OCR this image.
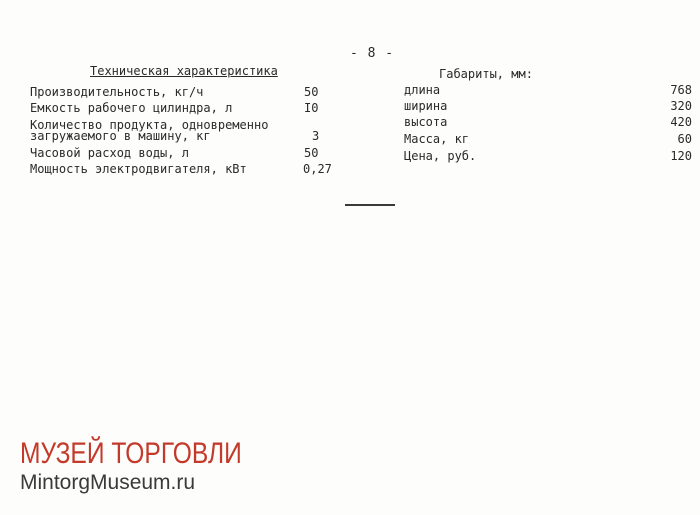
- 8 -
Техническая характеристика
Производительность, кг/ч	50
Емкость рабочего цилиндра, л	I0
Количество продукта, одновременно
загружаемого в машину, кг	3
Часовой расход воды, л	50
Мощность электродвигателя, кВт	0,27
Габариты, мм:
длина	768
ширина	320
высота	420
Масса, кг	60
Цена, руб.	120
МУЗЕЙ ТОРГОВЛИ
MintorgMuseum.ru
